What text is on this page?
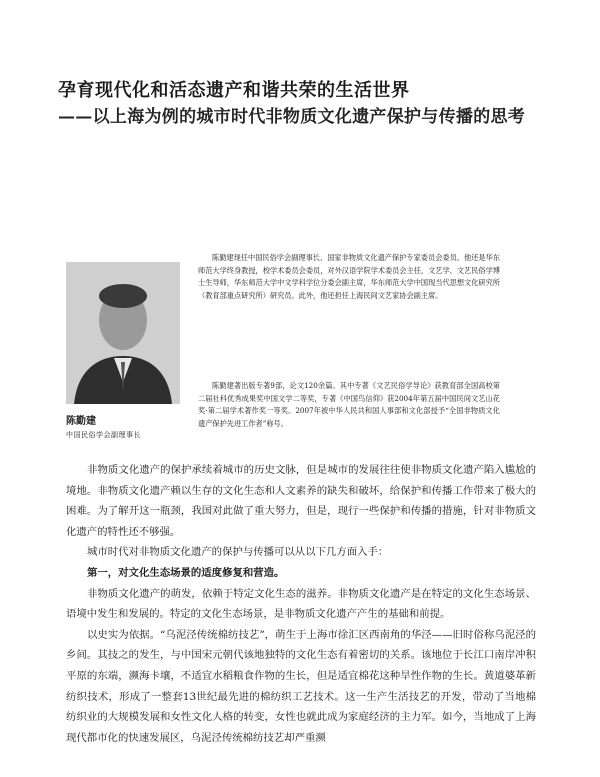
孕育现代化和活态遗产和谐共荣的生活世界
——以上海为例的城市时代非物质文化遗产保护与传播的思考
陈勤建
中国民俗学会副理事长

陈勤建现任中国民俗学会副理事长、国家非物质文化遗产保护专家委员会委员。他还是华东师范大学终身教授，校学术委员会委员，对外汉语学院学术委员会主任，文艺学、文艺民俗学博士生导师，华东师范大学中文学科学位分委会副主席，华东师范大学中国现当代思想文化研究所（教育部重点研究所）研究员。此外，他还担任上海民间文艺家协会副主席。

陈勤建著出版专著9部，论文120余篇。其中专著《文艺民俗学导论》获教育部全国高校第二届社科优秀成果奖中国文学二等奖，专著《中国鸟信仰》获2004年第五届中国民间文艺山花奖·第二届学术著作奖一等奖。2007年被中华人民共和国人事部和文化部授予“全国非物质文化遗产保护先进工作者”称号。

非物质文化遗产的保护承续着城市的历史文脉，但是城市的发展往往使非物质文化遗产陷入尴尬的境地。非物质文化遗产赖以生存的文化生态和人文素养的缺失和破坏，给保护和传播工作带来了极大的困难。为了解开这一瓶颈，我国对此做了重大努力，但是，现行一些保护和传播的措施，针对非物质文化遗产的特性还不够强。

城市时代对非物质文化遗产的保护与传播可以从以下几方面入手：

第一，对文化生态场景的适度修复和营造。

非物质文化遗产的萌发，依赖于特定文化生态的滋养。非物质文化遗产是在特定的文化生态场景、语境中发生和发展的。特定的文化生态场景，是非物质文化遗产产生的基础和前提。

以史实为依据。“乌泥泾传统棉纺技艺”，萌生于上海市徐汇区西南角的华泾——旧时俗称乌泥泾的乡间。其技之的发生，与中国宋元朝代该地独特的文化生态有着密切的关系。该地位于长江口南岸冲积平原的东端，濒海卡壤，不适宜水稻粮食作物的生长，但是适宜棉花这种旱性作物的生长。黄道婆革新纺织技术，形成了一整套13世纪最先进的棉纺织工艺技术。这一生产生活技艺的开发，带动了当地棉纺织业的大规模发展和女性文化人格的转变，女性也就此成为家庭经济的主力军。如今，当地成了上海现代都市化的快速发展区，乌泥泾传统棉纺技艺却严重濒
